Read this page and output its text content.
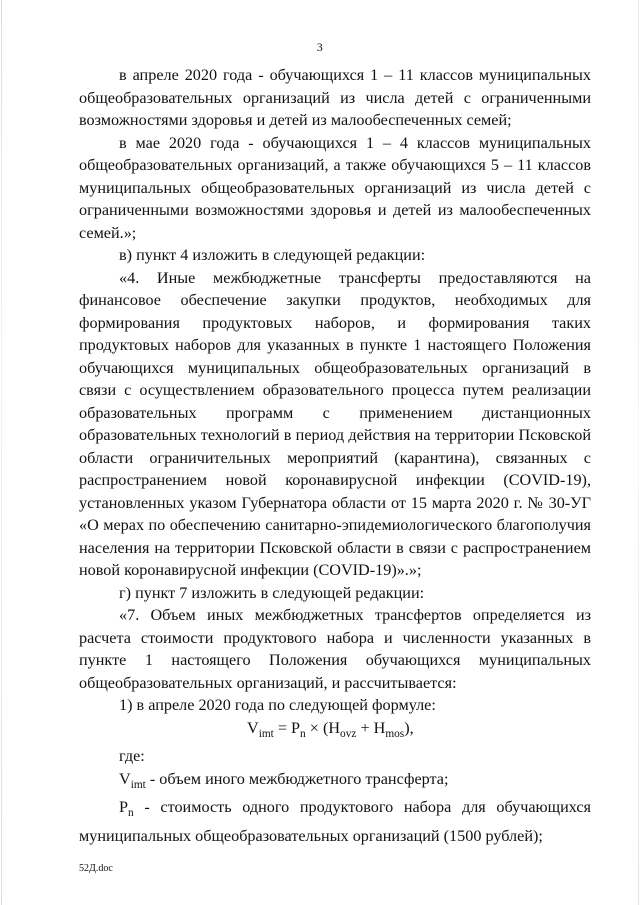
3

в апреле 2020 года - обучающихся 1 – 11 классов муниципальных общеобразовательных организаций из числа детей с ограниченными возможностями здоровья и детей из малообеспеченных семей;

в мае 2020 года - обучающихся 1 – 4 классов муниципальных общеобразовательных организаций, а также обучающихся 5 – 11 классов муниципальных общеобразовательных организаций из числа детей с ограниченными возможностями здоровья и детей из малообеспеченных семей.»;

в) пункт 4 изложить в следующей редакции:

«4. Иные межбюджетные трансферты предоставляются на финансовое обеспечение закупки продуктов, необходимых для формирования продуктовых наборов, и формирования таких продуктовых наборов для указанных в пункте 1 настоящего Положения обучающихся муниципальных общеобразовательных организаций в связи с осуществлением образовательного процесса путем реализации образовательных программ с применением дистанционных образовательных технологий в период действия на территории Псковской области ограничительных мероприятий (карантина), связанных с распространением новой коронавирусной инфекции (COVID-19), установленных указом Губернатора области от 15 марта 2020 г. № 30-УГ «О мерах по обеспечению санитарно-эпидемиологического благополучия населения на территории Псковской области в связи с распространением новой коронавирусной инфекции (COVID-19)».»;

г) пункт 7 изложить в следующей редакции:

«7. Объем иных межбюджетных трансфертов определяется из расчета стоимости продуктового набора и численности указанных в пункте 1 настоящего Положения обучающихся муниципальных общеобразовательных организаций, и рассчитывается:

1) в апреле 2020 года по следующей формуле:

$V_{imt} = P_n \times (H_{ovz} + H_{mos})$,

где:

$V_{imt}$ - объем иного межбюджетного трансферта;

$P_n$ - стоимость одного продуктового набора для обучающихся муниципальных общеобразовательных организаций (1500 рублей);

52Д.doc
